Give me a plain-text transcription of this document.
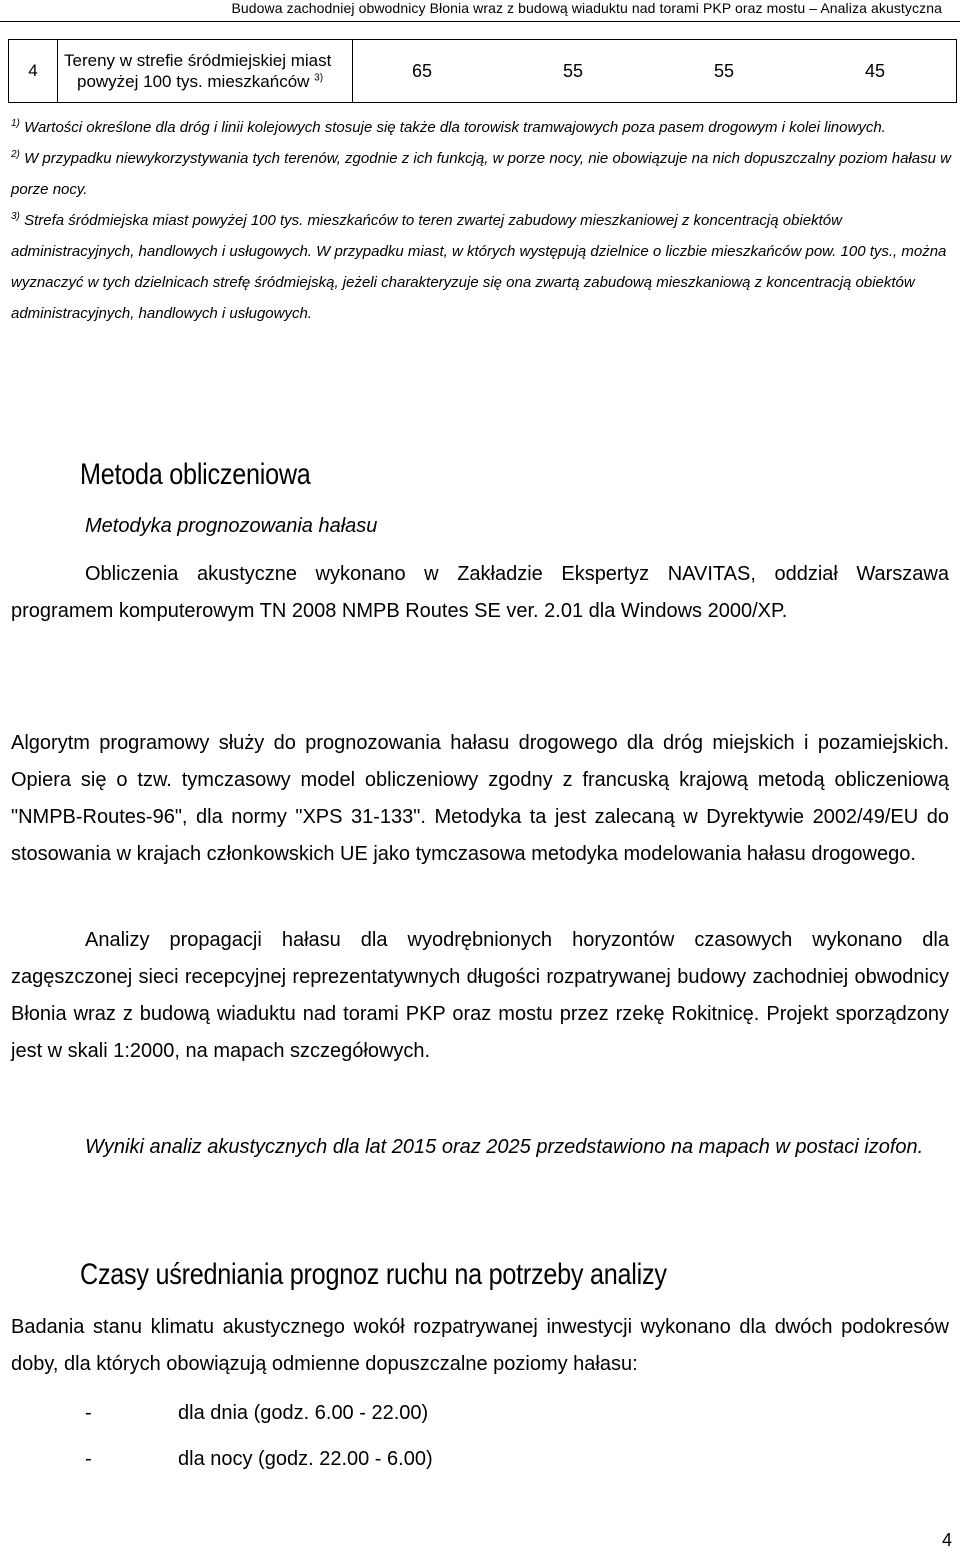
Budowa zachodniej obwodnicy Błonia wraz z budową wiaduktu nad torami PKP oraz mostu – Analiza akustyczna
4	Tereny w strefie śródmiejskiej miast
powyżej 100 tys. mieszkańców $^{3)}$	65	55	55	45

$^{1)}$ Wartości określone dla dróg i linii kolejowych stosuje się także dla torowisk tramwajowych poza pasem drogowym i kolei linowych.

$^{2)}$ W przypadku niewykorzystywania tych terenów, zgodnie z ich funkcją, w porze nocy, nie obowiązuje na nich dopuszczalny poziom hałasu w porze nocy.

$^{3)}$ Strefa śródmiejska miast powyżej 100 tys. mieszkańców to teren zwartej zabudowy mieszkaniowej z koncentracją obiektów administracyjnych, handlowych i usługowych. W przypadku miast, w których występują dzielnice o liczbie mieszkańców pow. 100 tys., można wyznaczyć w tych dzielnicach strefę śródmiejską, jeżeli charakteryzuje się ona zwartą zabudową mieszkaniową z koncentracją obiektów administracyjnych, handlowych i usługowych.

Metoda obliczeniowa
Metodyka prognozowania hałasu

Obliczenia akustyczne wykonano w Zakładzie Ekspertyz NAVITAS, oddział Warszawa programem komputerowym TN 2008 NMPB Routes SE ver. 2.01 dla Windows 2000/XP.

Algorytm programowy służy do prognozowania hałasu drogowego dla dróg miejskich i pozamiejskich. Opiera się o tzw. tymczasowy model obliczeniowy zgodny z francuską krajową metodą obliczeniową "NMPB-Routes-96", dla normy "XPS 31-133". Metodyka ta jest zalecaną w Dyrektywie 2002/49/EU do stosowania w krajach członkowskich UE jako tymczasowa metodyka modelowania hałasu drogowego.

Analizy propagacji hałasu dla wyodrębnionych horyzontów czasowych wykonano dla zagęszczonej sieci recepcyjnej reprezentatywnych długości rozpatrywanej budowy zachodniej obwodnicy Błonia wraz z budową wiaduktu nad torami PKP oraz mostu przez rzekę Rokitnicę. Projekt sporządzony jest w skali 1:2000, na mapach szczegółowych.

Wyniki analiz akustycznych dla lat 2015 oraz 2025 przedstawiono na mapach w postaci izofon.

Czasy uśredniania prognoz ruchu na potrzeby analizy

Badania stanu klimatu akustycznego wokół rozpatrywanej inwestycji wykonano dla dwóch podokresów doby, dla których obowiązują odmienne dopuszczalne poziomy hałasu:

-	dla dnia (godz. 6.00 - 22.00)
-	dla nocy (godz. 22.00 - 6.00)
4
